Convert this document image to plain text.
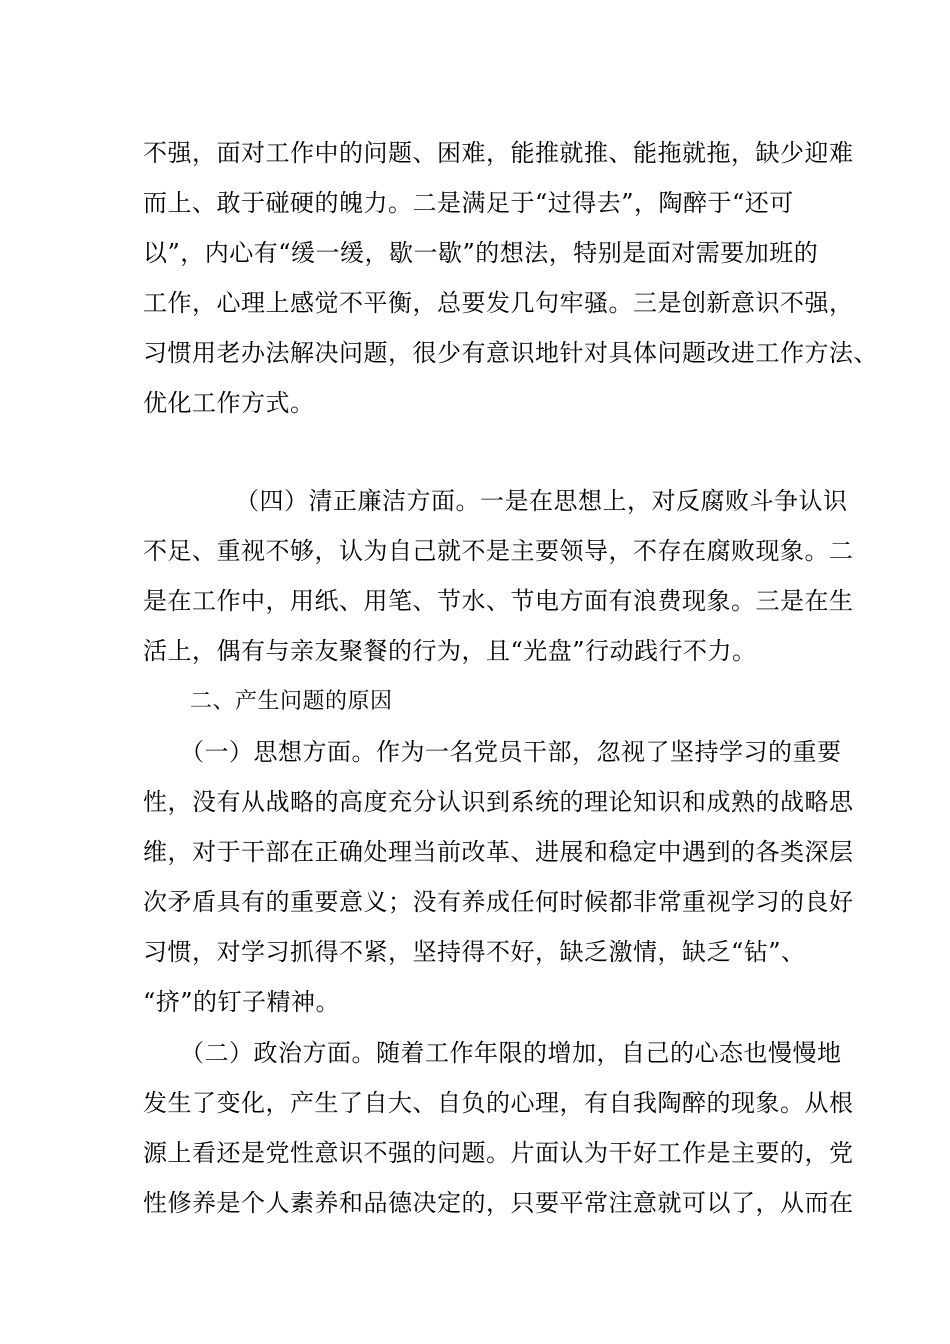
不强，面对工作中的问题、困难，能推就推、能拖就拖，缺少迎难
而上、敢于碰硬的魄力。二是满足于“过得去”，陶醉于“还可
以”，内心有“缓一缓，歇一歇”的想法，特别是面对需要加班的
工作，心理上感觉不平衡，总要发几句牢骚。三是创新意识不强，
习惯用老办法解决问题，很少有意识地针对具体问题改进工作方法、
优化工作方式。
（四）清正廉洁方面。一是在思想上，对反腐败斗争认识
不足、重视不够，认为自己就不是主要领导，不存在腐败现象。二
是在工作中，用纸、用笔、节水、节电方面有浪费现象。三是在生
活上，偶有与亲友聚餐的行为，且“光盘”行动践行不力。
二、产生问题的原因
（一）思想方面。作为一名党员干部，忽视了坚持学习的重要
性，没有从战略的高度充分认识到系统的理论知识和成熟的战略思
维，对于干部在正确处理当前改革、进展和稳定中遇到的各类深层
次矛盾具有的重要意义；没有养成任何时候都非常重视学习的良好
习惯，对学习抓得不紧，坚持得不好，缺乏激情，缺乏“钻”、
“挤”的钉子精神。
（二）政治方面。随着工作年限的增加，自己的心态也慢慢地
发生了变化，产生了自大、自负的心理，有自我陶醉的现象。从根
源上看还是党性意识不强的问题。片面认为干好工作是主要的，党
性修养是个人素养和品德决定的，只要平常注意就可以了，从而在
